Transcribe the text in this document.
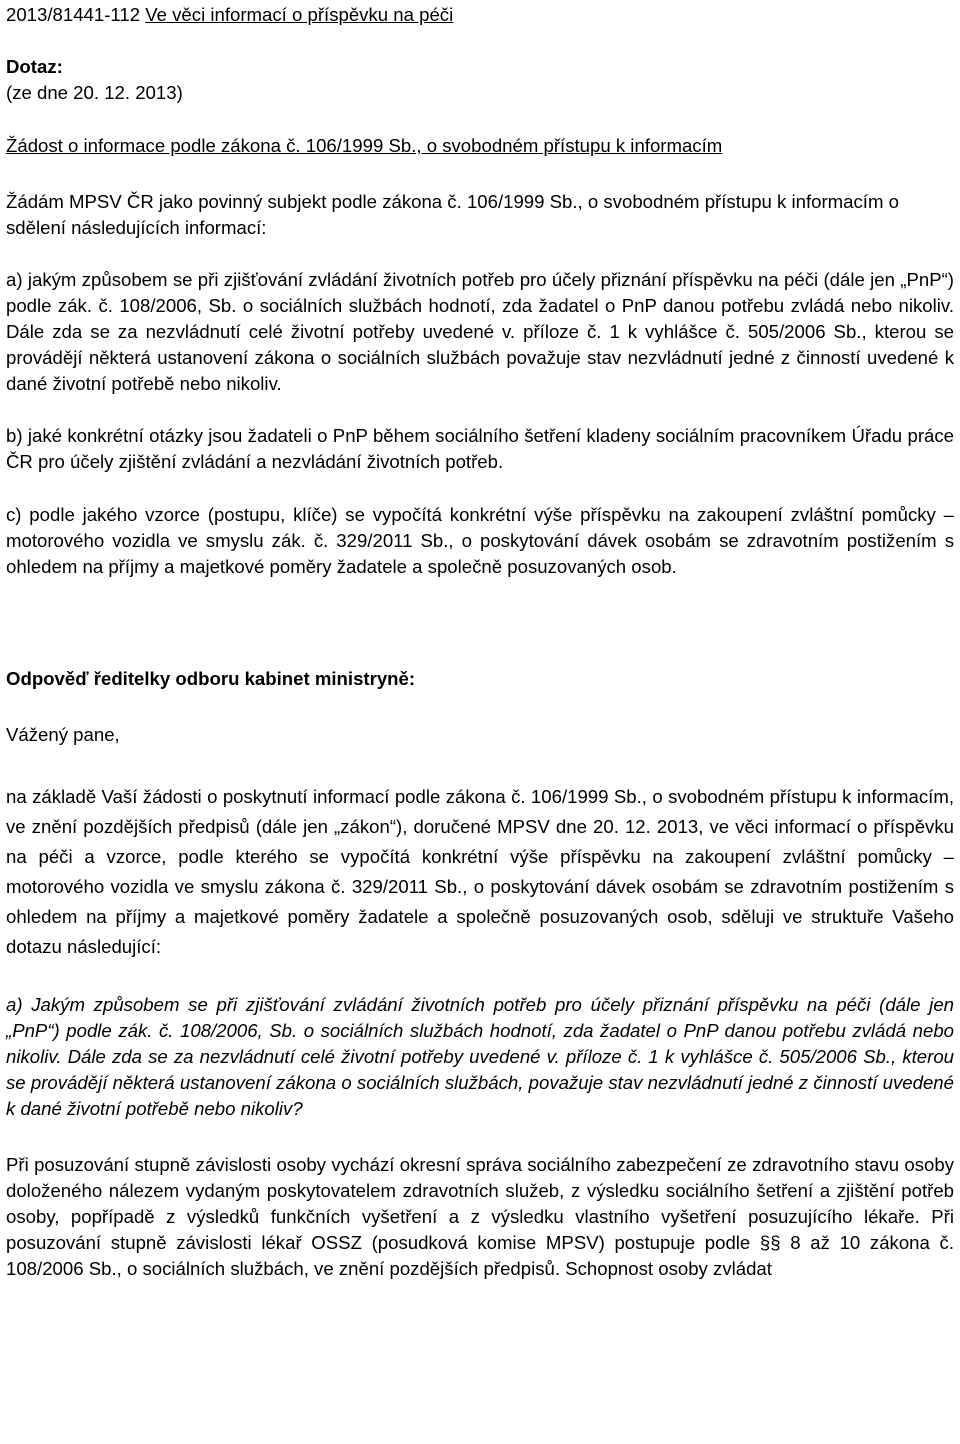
2013/81441-112 Ve věci informací o příspěvku na péči

Dotaz:

(ze dne 20. 12. 2013)

Žádost o informace podle zákona č. 106/1999 Sb., o svobodném přístupu k informacím

Žádám MPSV ČR jako povinný subjekt podle zákona č. 106/1999 Sb., o svobodném přístupu k informacím o sdělení následujících informací:

a) jakým způsobem se při zjišťování zvládání životních potřeb pro účely přiznání příspěvku na péči (dále jen „PnP“) podle zák. č. 108/2006, Sb. o sociálních službách hodnotí, zda žadatel o PnP danou potřebu zvládá nebo nikoliv. Dále zda se za nezvládnutí celé životní potřeby uvedené v. příloze č. 1 k vyhlášce č. 505/2006 Sb., kterou se provádějí některá ustanovení zákona o sociálních službách považuje stav nezvládnutí jedné z činností uvedené k dané životní potřebě nebo nikoliv.

b) jaké konkrétní otázky jsou žadateli o PnP během sociálního šetření kladeny sociálním pracovníkem Úřadu práce ČR pro účely zjištění zvládání a nezvládání životních potřeb.

c) podle jakého vzorce (postupu, klíče) se vypočítá konkrétní výše příspěvku na zakoupení zvláštní pomůcky – motorového vozidla ve smyslu zák. č. 329/2011 Sb., o poskytování dávek osobám se zdravotním postižením s ohledem na příjmy a majetkové poměry žadatele a společně posuzovaných osob.

Odpověď ředitelky odboru kabinet ministryně:

Vážený pane,

na základě Vaší žádosti o poskytnutí informací podle zákona č. 106/1999 Sb., o svobodném přístupu k informacím, ve znění pozdějších předpisů (dále jen „zákon“), doručené MPSV dne 20. 12. 2013, ve věci informací o příspěvku na péči a vzorce, podle kterého se vypočítá konkrétní výše příspěvku na zakoupení zvláštní pomůcky – motorového vozidla ve smyslu zákona č. 329/2011 Sb., o poskytování dávek osobám se zdravotním postižením s ohledem na příjmy a majetkové poměry žadatele a společně posuzovaných osob, sděluji ve struktuře Vašeho dotazu následující:

a) Jakým způsobem se při zjišťování zvládání životních potřeb pro účely přiznání příspěvku na péči (dále jen „PnP“) podle zák. č. 108/2006, Sb. o sociálních službách hodnotí, zda žadatel o PnP danou potřebu zvládá nebo nikoliv. Dále zda se za nezvládnutí celé životní potřeby uvedené v. příloze č. 1 k vyhlášce č. 505/2006 Sb., kterou se provádějí některá ustanovení zákona o sociálních službách, považuje stav nezvládnutí jedné z činností uvedené k dané životní potřebě nebo nikoliv?

Při posuzování stupně závislosti osoby vychází okresní správa sociálního zabezpečení ze zdravotního stavu osoby doloženého nálezem vydaným poskytovatelem zdravotních služeb, z výsledku sociálního šetření a zjištění potřeb osoby, popřípadě z výsledků funkčních vyšetření a z výsledku vlastního vyšetření posuzujícího lékaře. Při posuzování stupně závislosti lékař OSSZ (posudková komise MPSV) postupuje podle §§ 8 až 10 zákona č. 108/2006 Sb., o sociálních službách, ve znění pozdějších předpisů. Schopnost osoby zvládat
